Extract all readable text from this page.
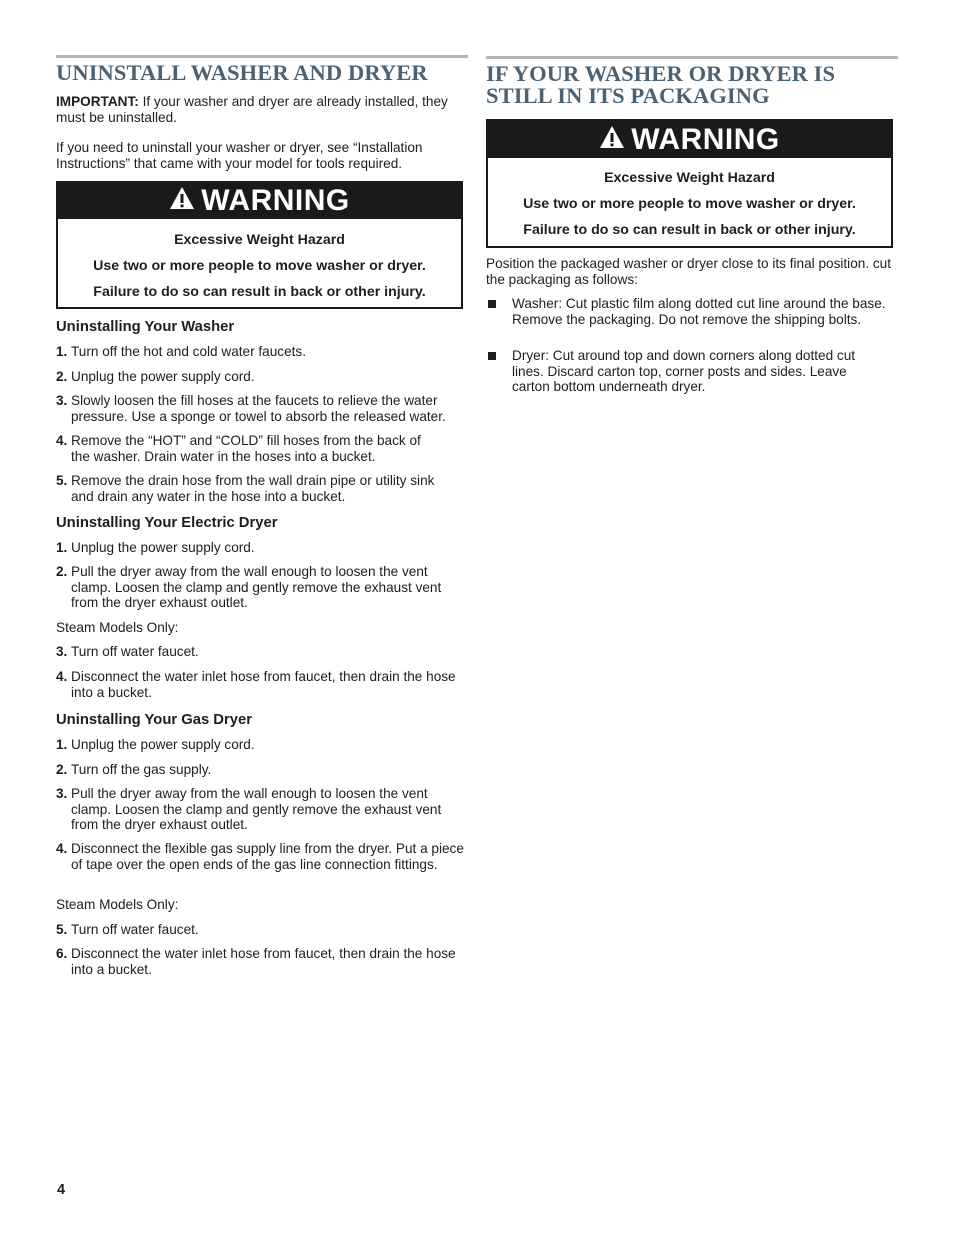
UNINSTALL WASHER AND DRYER

IMPORTANT: If your washer and dryer are already installed, they must be uninstalled.

If you need to uninstall your washer or dryer, see “Installation Instructions” that came with your model for tools required.

WARNING

Excessive Weight Hazard

Use two or more people to move washer or dryer.

Failure to do so can result in back or other injury.

Uninstalling Your Washer
1. Turn off the hot and cold water faucets.
2. Unplug the power supply cord.
3. Slowly loosen the fill hoses at the faucets to relieve the water pressure. Use a sponge or towel to absorb the released water.
4. Remove the “HOT” and “COLD” fill hoses from the back of the washer. Drain water in the hoses into a bucket.
5. Remove the drain hose from the wall drain pipe or utility sink and drain any water in the hose into a bucket.
Uninstalling Your Electric Dryer
1. Unplug the power supply cord.
2. Pull the dryer away from the wall enough to loosen the vent clamp. Loosen the clamp and gently remove the exhaust vent from the dryer exhaust outlet.

Steam Models Only:

3. Turn off water faucet.
4. Disconnect the water inlet hose from faucet, then drain the hose into a bucket.
Uninstalling Your Gas Dryer
1. Unplug the power supply cord.
2. Turn off the gas supply.
3. Pull the dryer away from the wall enough to loosen the vent clamp. Loosen the clamp and gently remove the exhaust vent from the dryer exhaust outlet.
4. Disconnect the flexible gas supply line from the dryer. Put a piece of tape over the open ends of the gas line connection fittings.

Steam Models Only:

5. Turn off water faucet.
6. Disconnect the water inlet hose from faucet, then drain the hose into a bucket.
IF YOUR WASHER OR DRYER IS STILL IN ITS PACKAGING
WARNING

Excessive Weight Hazard

Use two or more people to move washer or dryer.

Failure to do so can result in back or other injury.

Position the packaged washer or dryer close to its final position. cut the packaging as follows:

Washer: Cut plastic film along dotted cut line around the base. Remove the packaging. Do not remove the shipping bolts.
Dryer: Cut around top and down corners along dotted cut lines. Discard carton top, corner posts and sides. Leave carton bottom underneath dryer.
4
